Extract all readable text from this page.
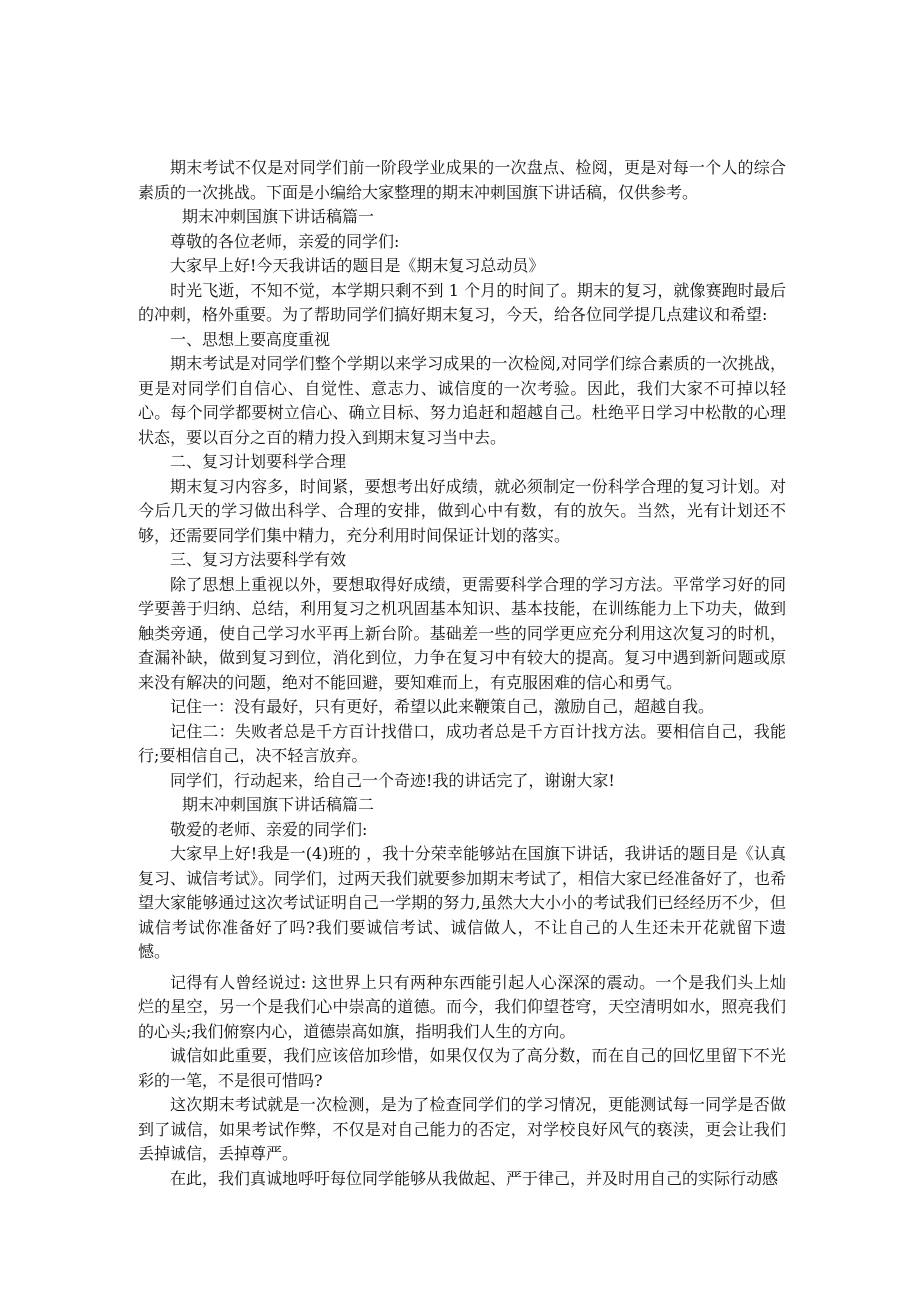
期末考试不仅是对同学们前一阶段学业成果的一次盘点、检阅，更是对每一个人的综合素质的一次挑战。下面是小编给大家整理的期末冲刺国旗下讲话稿，仅供参考。

期末冲刺国旗下讲话稿篇一

尊敬的各位老师，亲爱的同学们:

大家早上好!今天我讲话的题目是《期末复习总动员》

时光飞逝，不知不觉，本学期只剩不到 1 个月的时间了。期末的复习，就像赛跑时最后的冲刺，格外重要。为了帮助同学们搞好期末复习，今天，给各位同学提几点建议和希望:

一、思想上要高度重视

期末考试是对同学们整个学期以来学习成果的一次检阅,对同学们综合素质的一次挑战，更是对同学们自信心、自觉性、意志力、诚信度的一次考验。因此，我们大家不可掉以轻心。每个同学都要树立信心、确立目标、努力追赶和超越自己。杜绝平日学习中松散的心理状态，要以百分之百的精力投入到期末复习当中去。

二、复习计划要科学合理

期末复习内容多，时间紧，要想考出好成绩，就必须制定一份科学合理的复习计划。对今后几天的学习做出科学、合理的安排，做到心中有数，有的放矢。当然，光有计划还不够，还需要同学们集中精力，充分利用时间保证计划的落实。

三、复习方法要科学有效

除了思想上重视以外，要想取得好成绩，更需要科学合理的学习方法。平常学习好的同学要善于归纳、总结，利用复习之机巩固基本知识、基本技能，在训练能力上下功夫，做到触类旁通，使自己学习水平再上新台阶。基础差一些的同学更应充分利用这次复习的时机，查漏补缺，做到复习到位，消化到位，力争在复习中有较大的提高。复习中遇到新问题或原来没有解决的问题，绝对不能回避，要知难而上，有克服困难的信心和勇气。

记住一：没有最好，只有更好，希望以此来鞭策自己，激励自己，超越自我。

记住二：失败者总是千方百计找借口，成功者总是千方百计找方法。要相信自己，我能行;要相信自己，决不轻言放弃。

同学们，行动起来，给自己一个奇迹!我的讲话完了，谢谢大家!

期末冲刺国旗下讲话稿篇二

敬爱的老师、亲爱的同学们:

大家早上好!我是一(4)班的 ，我十分荣幸能够站在国旗下讲话，我讲话的题目是《认真复习、诚信考试》。同学们，过两天我们就要参加期末考试了，相信大家已经准备好了，也希望大家能够通过这次考试证明自己一学期的努力,虽然大大小小的考试我们已经经历不少，但诚信考试你准备好了吗?我们要诚信考试、诚信做人，不让自己的人生还未开花就留下遗憾。

记得有人曾经说过: 这世界上只有两种东西能引起人心深深的震动。一个是我们头上灿烂的星空，另一个是我们心中崇高的道德。而今，我们仰望苍穹，天空清明如水，照亮我们的心头;我们俯察内心，道德崇高如旗，指明我们人生的方向。

诚信如此重要，我们应该倍加珍惜，如果仅仅为了高分数，而在自己的回忆里留下不光彩的一笔，不是很可惜吗?

这次期末考试就是一次检测，是为了检查同学们的学习情况，更能测试每一同学是否做到了诚信，如果考试作弊，不仅是对自己能力的否定，对学校良好风气的亵渎，更会让我们丢掉诚信，丢掉尊严。

在此，我们真诚地呼吁每位同学能够从我做起、严于律己，并及时用自己的实际行动感
